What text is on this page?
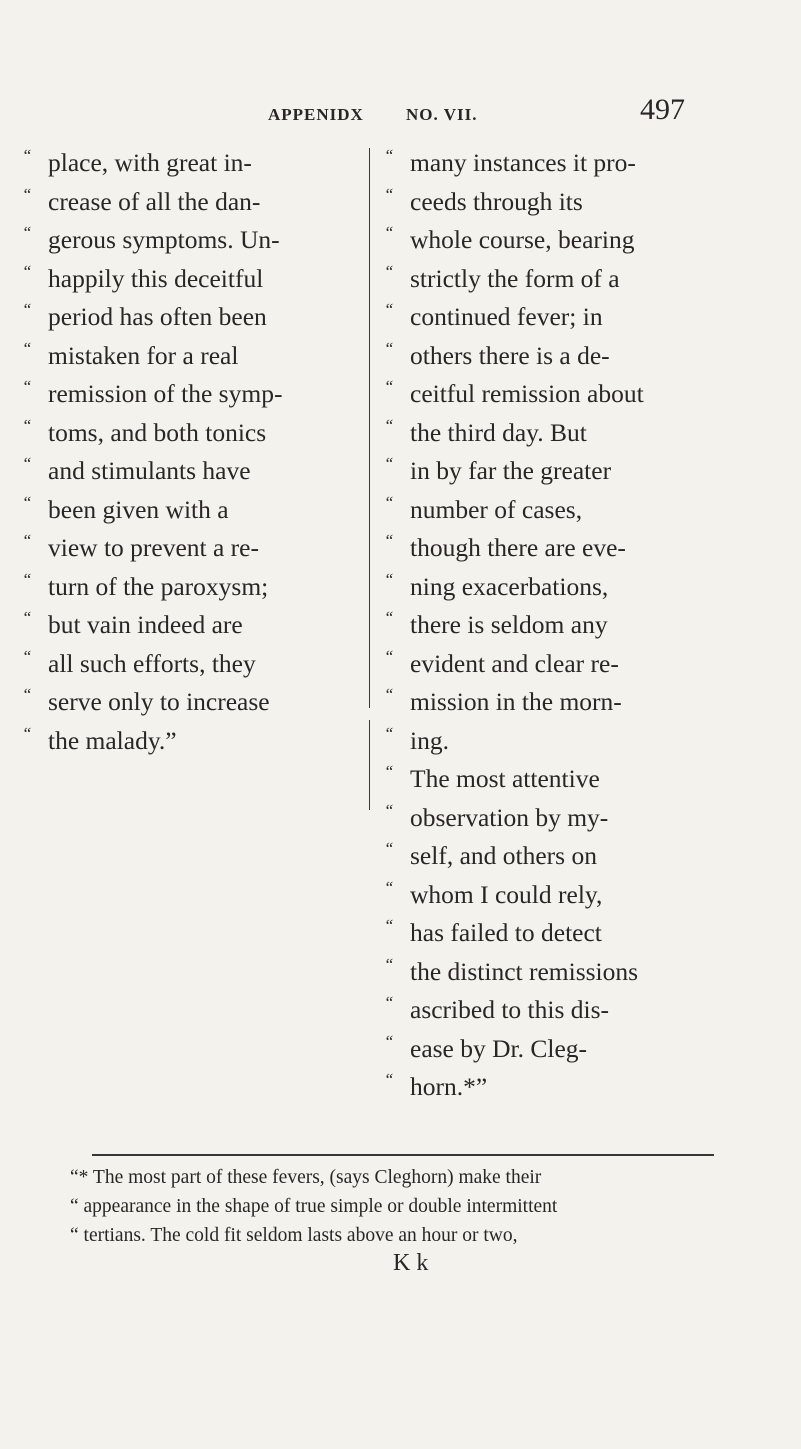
APPENIDX NO. VII.	497
“ place, with great in-
“ crease of all the dan-
“ gerous symptoms. Un-
“ happily this deceitful
“ period has often been
“ mistaken for a real
“ remission of the symp-
“ toms, and both tonics
“ and stimulants have
“ been given with a
“ view to prevent a re-
“ turn of the paroxysm;
“ but vain indeed are
“ all such efforts, they
“ serve only to increase
“ the malady.”
“ many instances it pro-
“ ceeds through its
“ whole course, bearing
“ strictly the form of a
“ continued fever; in
“ others there is a de-
“ ceitful remission about
“ the third day. But
“ in by far the greater
“ number of cases,
“ though there are eve-
“ ning exacerbations,
“ there is seldom any
“ evident and clear re-
“ mission in the morn-
“ ing.
“ The most attentive
“ observation by my-
“ self, and others on
“ whom I could rely,
“ has failed to detect
“ the distinct remissions
“ ascribed to this dis-
“ ease by Dr. Cleg-
“ horn.*”
“* The most part of these fevers, (says Cleghorn) make their
“ appearance in the shape of true simple or double intermittent
“ tertians. The cold fit seldom lasts above an hour or two,
K k
